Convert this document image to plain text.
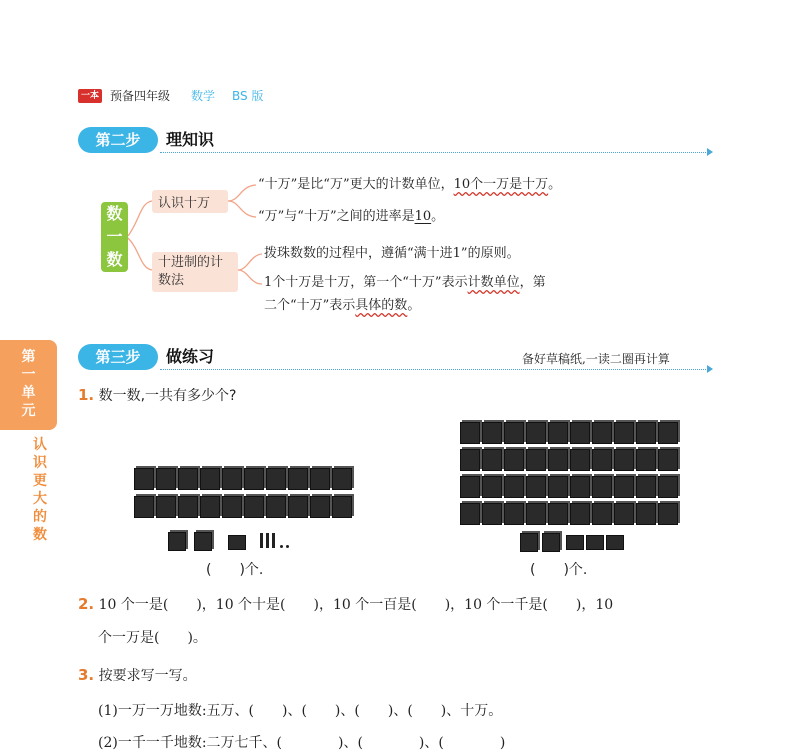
一本 预备四年级 数学 BS 版
第二步	理知识
数
一
数
认识十万
十进制的计
数法
“十万”是比“万”更大的计数单位，10个一万是十万。
“万”与“十万”之间的进率是10。
拨珠数数的过程中，遵循“满十进1”的原则。
1个十万是十万，第一个“十万”表示计数单位，第
二个“十万”表示具体的数。
第
一
单
元
认
识
更
大
的
数
第三步	做练习	备好草稿纸,一读二圈再计算
1. 数一数,一共有多少个?
(　　)个.	(　　)个.
2. 10 个一是(　　)，10 个十是(　　)，10 个一百是(　　)，10 个一千是(　　)，10
个一万是(　　)。
3. 按要求写一写。
(1)一万一万地数:五万、(　　)、(　　)、(　　)、(　　)、十万。
(2)一千一千地数:二万七千、(　　　　)、(　　　　)、(　　　　)
